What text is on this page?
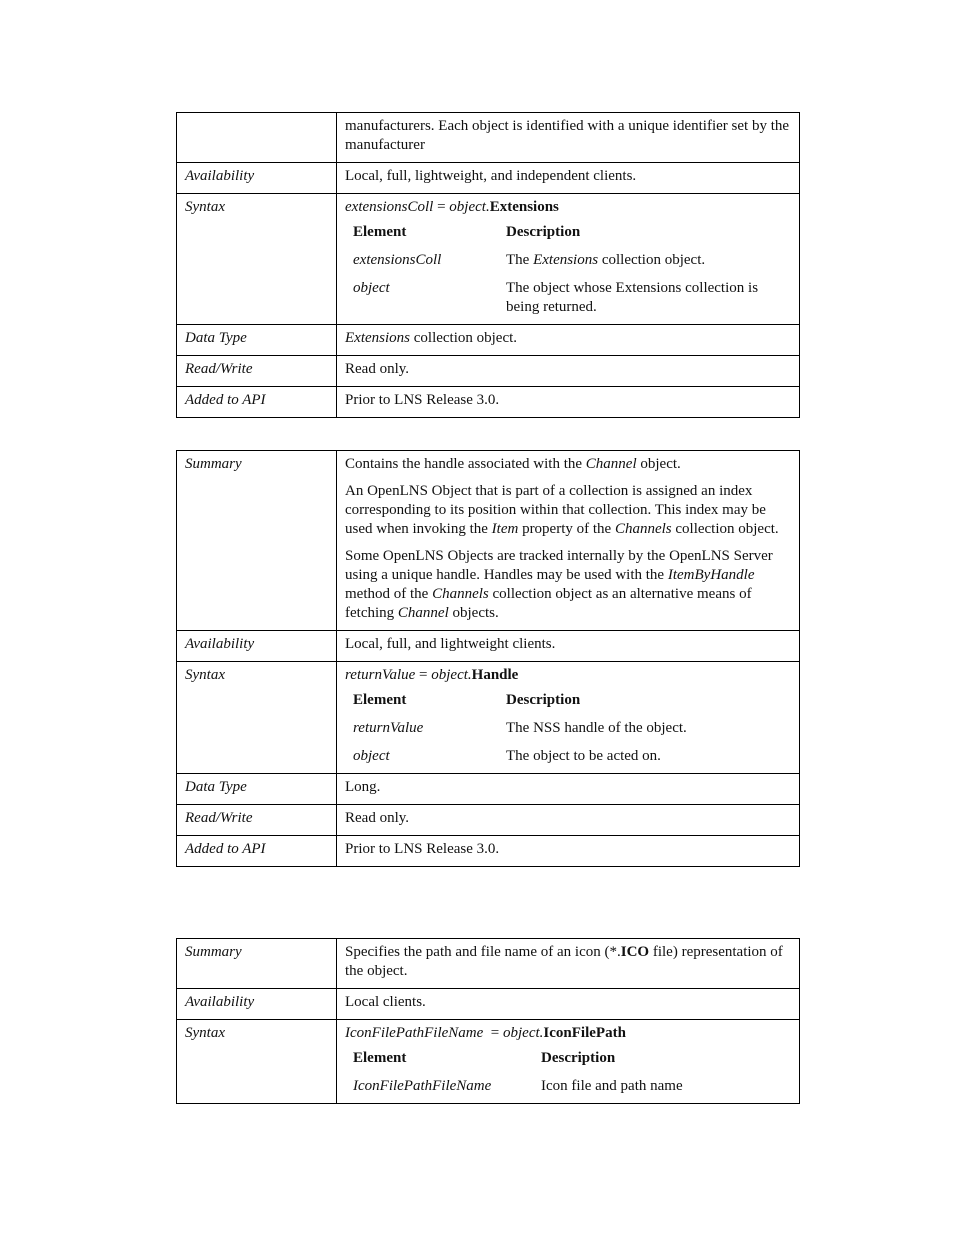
	manufacturers. Each object is identified with a unique identifier set by the manufacturer
Availability	Local, full, lightweight, and independent clients.
Syntax	extensionsColl = object.Extensions
Element	Description
extensionsColl	The Extensions collection object.
object	The object whose Extensions collection is being returned.

Data Type	Extensions collection object.
Read/Write	Read only.
Added to API	Prior to LNS Release 3.0.
Summary	Contains the handle associated with the Channel object.

An OpenLNS Object that is part of a collection is assigned an index corresponding to its position within that collection. This index may be used when invoking the Item property of the Channels collection object.

Some OpenLNS Objects are tracked internally by the OpenLNS Server using a unique handle. Handles may be used with the ItemByHandle method of the Channels collection object as an alternative means of fetching Channel objects.

Availability	Local, full, and lightweight clients.
Syntax	returnValue = object.Handle
Element	Description
returnValue	The NSS handle of the object.
object	The object to be acted on.

Data Type	Long.
Read/Write	Read only.
Added to API	Prior to LNS Release 3.0.
Summary	Specifies the path and file name of an icon (*.ICO file) representation of the object.
Availability	Local clients.
Syntax	IconFilePathFileName  = object.IconFilePath
Element	Description
IconFilePathFileName	Icon file and path name
